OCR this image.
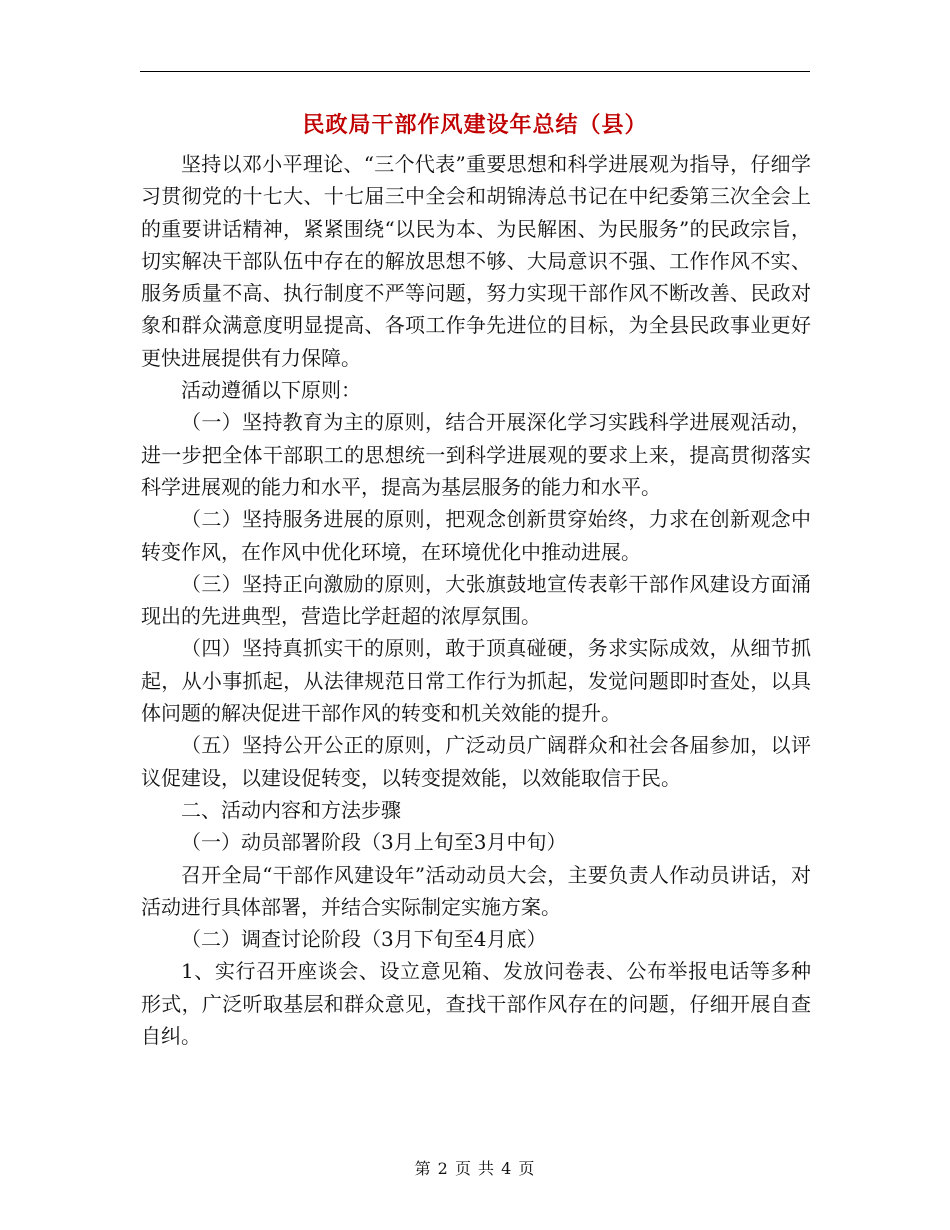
民政局干部作风建设年总结（县）

坚持以邓小平理论、“三个代表”重要思想和科学进展观为指导，仔细学习贯彻党的十七大、十七届三中全会和胡锦涛总书记在中纪委第三次全会上的重要讲话精神，紧紧围绕“以民为本、为民解困、为民服务”的民政宗旨，切实解决干部队伍中存在的解放思想不够、大局意识不强、工作作风不实、服务质量不高、执行制度不严等问题，努力实现干部作风不断改善、民政对象和群众满意度明显提高、各项工作争先进位的目标，为全县民政事业更好更快进展提供有力保障。

活动遵循以下原则：

（一）坚持教育为主的原则，结合开展深化学习实践科学进展观活动，进一步把全体干部职工的思想统一到科学进展观的要求上来，提高贯彻落实科学进展观的能力和水平，提高为基层服务的能力和水平。

（二）坚持服务进展的原则，把观念创新贯穿始终，力求在创新观念中转变作风，在作风中优化环境，在环境优化中推动进展。

（三）坚持正向激励的原则，大张旗鼓地宣传表彰干部作风建设方面涌现出的先进典型，营造比学赶超的浓厚氛围。

（四）坚持真抓实干的原则，敢于顶真碰硬，务求实际成效，从细节抓起，从小事抓起，从法律规范日常工作行为抓起，发觉问题即时查处，以具体问题的解决促进干部作风的转变和机关效能的提升。

（五）坚持公开公正的原则，广泛动员广阔群众和社会各届参加，以评议促建设，以建设促转变，以转变提效能，以效能取信于民。

二、活动内容和方法步骤

（一）动员部署阶段（3月上旬至3月中旬）

召开全局“干部作风建设年”活动动员大会，主要负责人作动员讲话，对活动进行具体部署，并结合实际制定实施方案。

（二）调查讨论阶段（3月下旬至4月底）

1、实行召开座谈会、设立意见箱、发放问卷表、公布举报电话等多种形式，广泛听取基层和群众意见，查找干部作风存在的问题，仔细开展自查自纠。

第 2 页 共 4 页
